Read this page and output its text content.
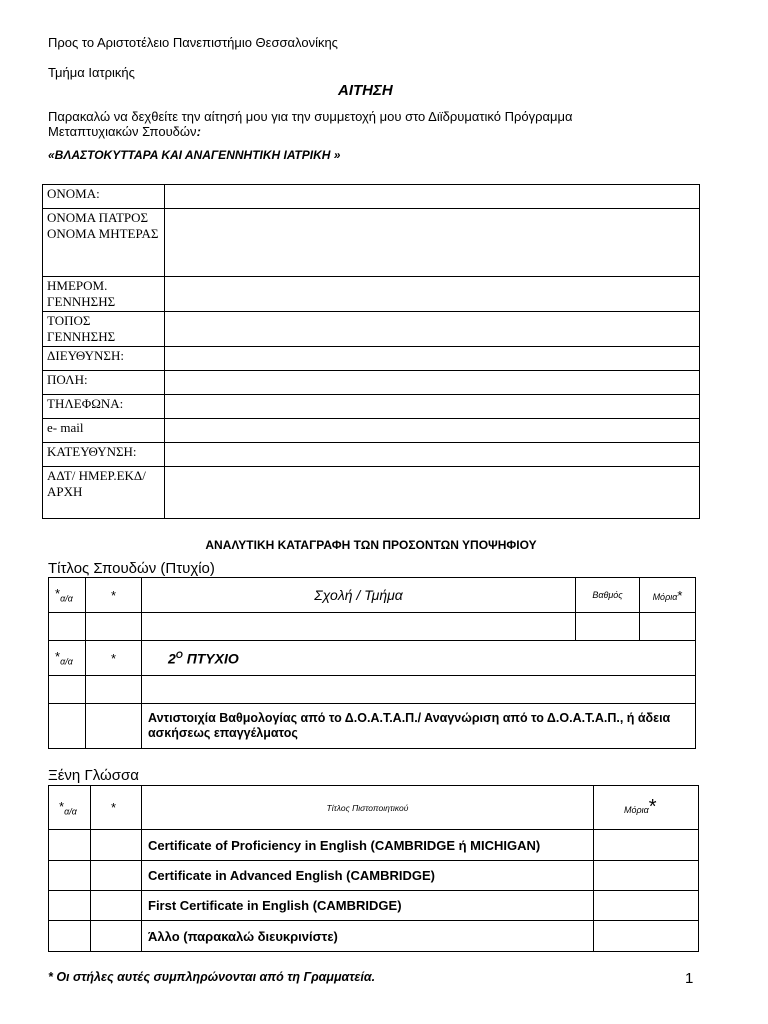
Προς το Αριστοτέλειο Πανεπιστήμιο Θεσσαλονίκης
Τμήμα Ιατρικής
ΑΙΤΗΣΗ
Παρακαλώ να δεχθείτε την αίτησή μου για την συμμετοχή μου στο Διϊδρυματικό Πρόγραμμα
Μεταπτυχιακών Σπουδών:
«ΒΛΑΣΤΟΚΥΤΤΑΡΑ ΚΑΙ ΑΝΑΓΕΝΝΗΤΙΚΗ ΙΑΤΡΙΚΗ »
ΟΝΟΜΑ:	
ΟΝΟΜΑ ΠΑΤΡΟΣ ΟΝΟΜΑ ΜΗΤΕΡΑΣ	
ΗΜΕΡΟΜ. ΓΕΝΝΗΣΗΣ	
ΤΟΠΟΣ ΓΕΝΝΗΣΗΣ	
ΔΙΕΥΘΥΝΣΗ:	
ΠΟΛΗ:	
ΤΗΛΕΦΩΝΑ:	
e- mail	
ΚΑΤΕΥΘΥΝΣΗ:	
ΑΔΤ/ ΗΜΕΡ.ΕΚΔ/ ΑΡΧΗ	
ΑΝΑΛΥΤΙΚΗ ΚΑΤΑΓΡΑΦΗ ΤΩΝ ΠΡΟΣΟΝΤΩΝ ΥΠΟΨΗΦΙΟΥ
Τίτλος Σπουδών (Πτυχίο)
$*_{\alpha/\alpha}$	*	Σχολή / Τμήμα	Βαθμός	Μόρια*

$*_{\alpha/\alpha}$	*	$2^O$ ΠΤΥΧΙΟ		

		Αντιστοιχία Βαθμολογίας από το Δ.Ο.Α.Τ.Α.Π./ Αναγνώριση από το Δ.Ο.Α.Τ.Α.Π., ή άδεια ασκήσεως επαγγέλματος		
Ξένη Γλώσσα
$*_{\alpha/\alpha}$	*	Τίτλος Πιστοποιητικού	Μόρια*
		Certificate of Proficiency in English (CAMBRIDGE ή MICHIGAN)	
		Certificate in Advanced English (CAMBRIDGE)	
		First Certificate in English (CAMBRIDGE)	
		Άλλο (παρακαλώ διευκρινίστε)	
* Οι στήλες αυτές συμπληρώνονται από τη Γραμματεία.	1
